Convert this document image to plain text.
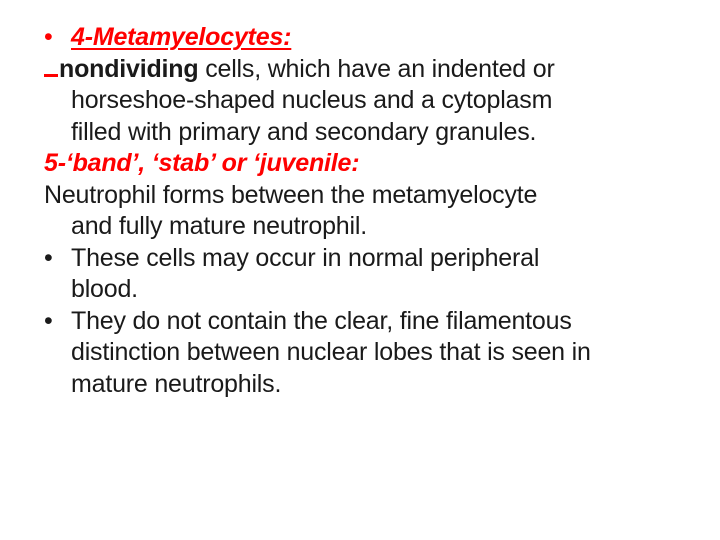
• 4-Metamyelocytes:
nondividing cells, which have an indented or
horseshoe-shaped nucleus and a cytoplasm
filled with primary and secondary granules.
5-‘band’, ‘stab’ or ‘juvenile:
Neutrophil forms between the metamyelocyte
and fully mature neutrophil.
• These cells may occur in normal peripheral
blood.
• They do not contain the clear, fine filamentous
distinction between nuclear lobes that is seen in
mature neutrophils.
